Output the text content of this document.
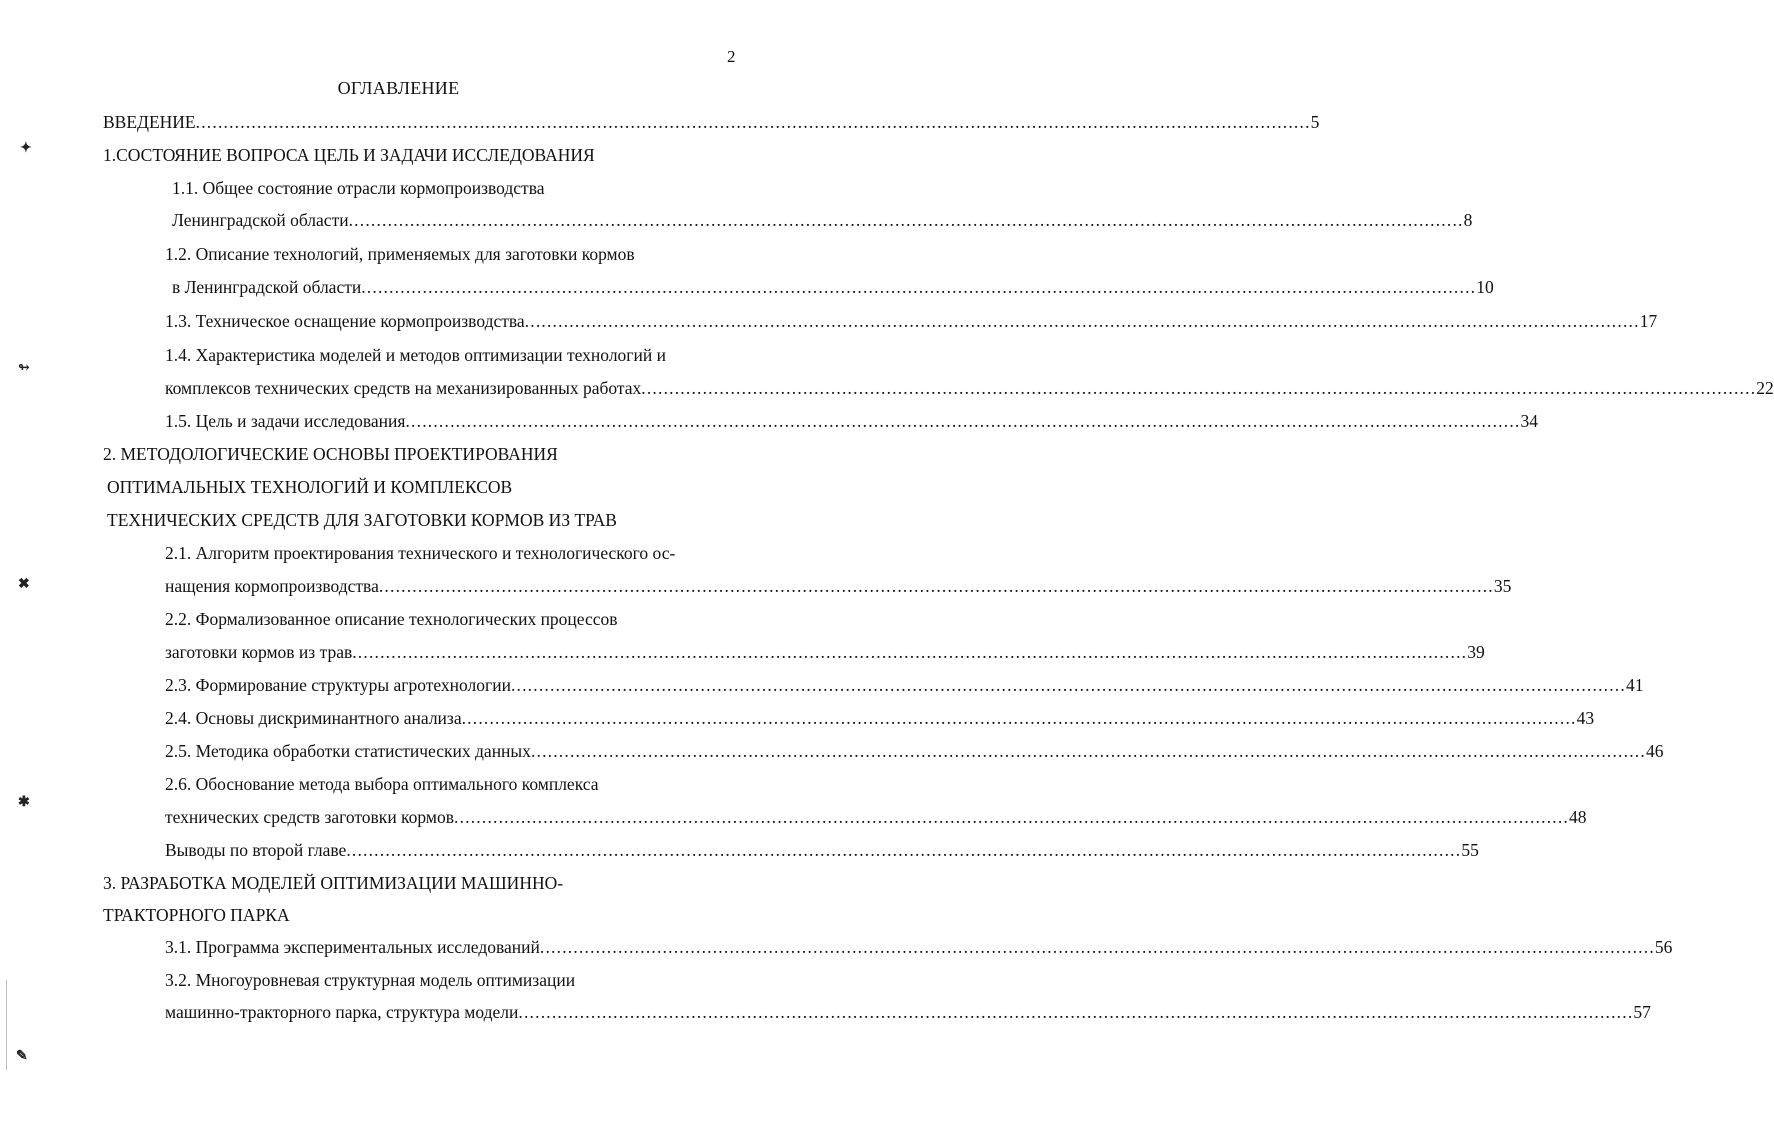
2
ОГЛАВЛЕНИЕ
ВВЕДЕНИЕ ........................................................................................................................................................................................................ 5
1.СОСТОЯНИЕ ВОПРОСА ЦЕЛЬ И ЗАДАЧИ ИССЛЕДОВАНИЯ
1.1. Общее состояние отрасли кормопроизводства
Ленинградской области ........................................................................................................................................................................................................ 8
1.2. Описание технологий, применяемых для заготовки кормов
в Ленинградской области ........................................................................................................................................................................................................ 10
1.3. Техническое оснащение кормопроизводства ........................................................................................................................................................................................................ 17
1.4. Характеристика моделей и методов оптимизации технологий и
комплексов технических средств на механизированных работах ........................................................................................................................................................................................................ 22
1.5. Цель и задачи исследования ........................................................................................................................................................................................................ 34
2. МЕТОДОЛОГИЧЕСКИЕ ОСНОВЫ ПРОЕКТИРОВАНИЯ
ОПТИМАЛЬНЫХ ТЕХНОЛОГИЙ И КОМПЛЕКСОВ
ТЕХНИЧЕСКИХ СРЕДСТВ ДЛЯ ЗАГОТОВКИ КОРМОВ ИЗ ТРАВ
2.1. Алгоритм проектирования технического и технологического ос-
нащения кормопроизводства ........................................................................................................................................................................................................ 35
2.2. Формализованное описание технологических процессов
заготовки кормов из трав ........................................................................................................................................................................................................ 39
2.3. Формирование структуры агротехнологии ........................................................................................................................................................................................................ 41
2.4. Основы дискриминантного анализа ........................................................................................................................................................................................................ 43
2.5. Методика обработки статистических данных ........................................................................................................................................................................................................ 46
2.6. Обоснование метода выбора оптимального комплекса
технических средств заготовки кормов ........................................................................................................................................................................................................ 48
Выводы по второй главе ........................................................................................................................................................................................................ 55
3. РАЗРАБОТКА МОДЕЛЕЙ ОПТИМИЗАЦИИ МАШИННО-
ТРАКТОРНОГО ПАРКА
3.1. Программа экспериментальных исследований ........................................................................................................................................................................................................ 56
3.2. Многоуровневая структурная модель оптимизации
машинно-тракторного парка, структура модели ........................................................................................................................................................................................................ 57
✦
↬
✖
✱
✎
